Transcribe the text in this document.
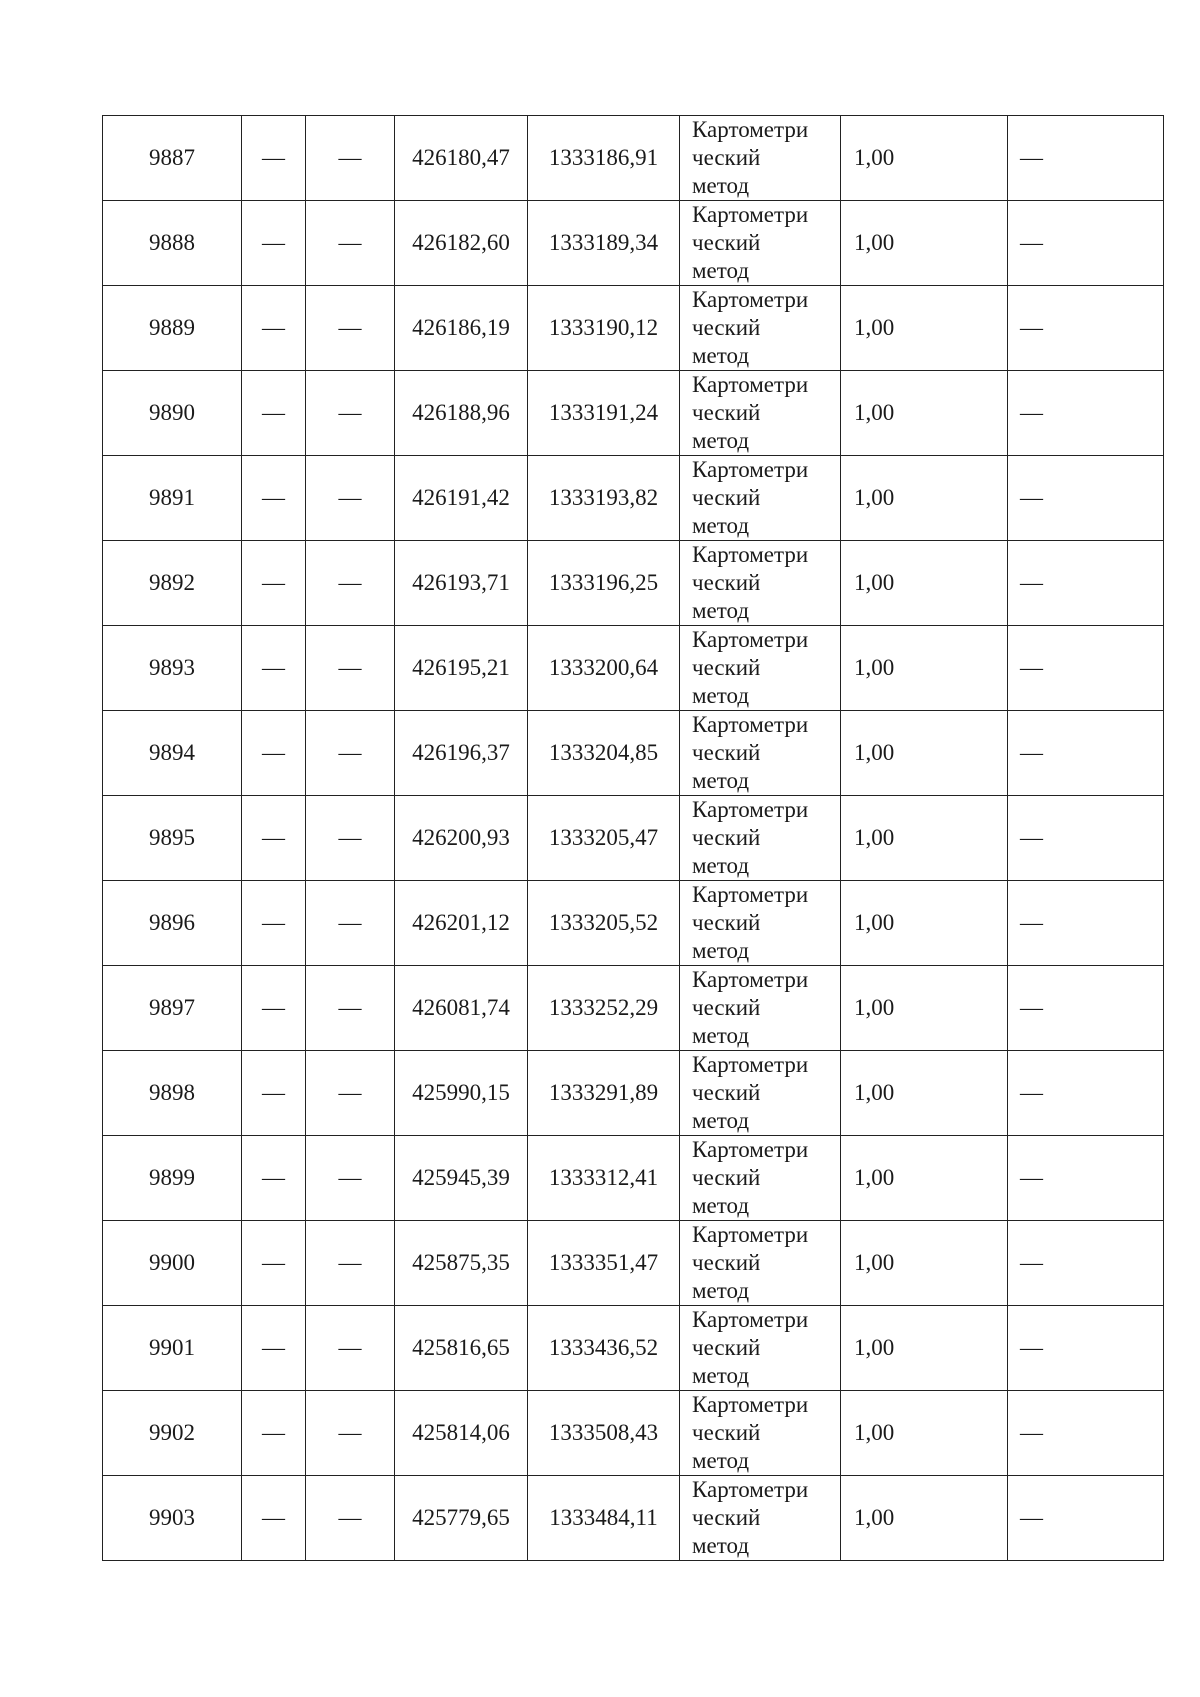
9887	—	—	426180,47	1333186,91	Картометри
ческий
метод	1,00	—
9888	—	—	426182,60	1333189,34	Картометри
ческий
метод	1,00	—
9889	—	—	426186,19	1333190,12	Картометри
ческий
метод	1,00	—
9890	—	—	426188,96	1333191,24	Картометри
ческий
метод	1,00	—
9891	—	—	426191,42	1333193,82	Картометри
ческий
метод	1,00	—
9892	—	—	426193,71	1333196,25	Картометри
ческий
метод	1,00	—
9893	—	—	426195,21	1333200,64	Картометри
ческий
метод	1,00	—
9894	—	—	426196,37	1333204,85	Картометри
ческий
метод	1,00	—
9895	—	—	426200,93	1333205,47	Картометри
ческий
метод	1,00	—
9896	—	—	426201,12	1333205,52	Картометри
ческий
метод	1,00	—
9897	—	—	426081,74	1333252,29	Картометри
ческий
метод	1,00	—
9898	—	—	425990,15	1333291,89	Картометри
ческий
метод	1,00	—
9899	—	—	425945,39	1333312,41	Картометри
ческий
метод	1,00	—
9900	—	—	425875,35	1333351,47	Картометри
ческий
метод	1,00	—
9901	—	—	425816,65	1333436,52	Картометри
ческий
метод	1,00	—
9902	—	—	425814,06	1333508,43	Картометри
ческий
метод	1,00	—
9903	—	—	425779,65	1333484,11	Картометри
ческий
метод	1,00	—
